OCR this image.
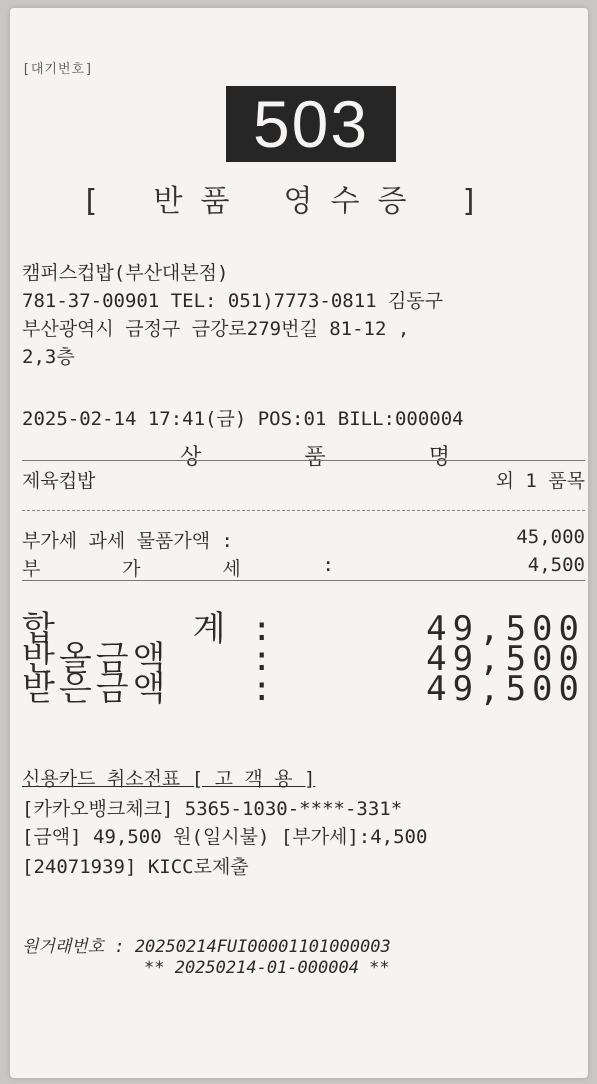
[대기번호]
503
[ 반품 영수증 ]
캠퍼스컵밥(부산대본점)
781-37-00901 TEL: 051)7773-0811 김동구
부산광역시 금정구 금강로279번길 81-12 ,
2,3층
2025-02-14 17:41(금) POS:01 BILL:000004
상	품	명
제육컵밥	외 1 품목
부가세 과세 물품가액 :	45,000
부	가	세	:	4,500
합	계 :	49,500
반올금액 :	49,500
받은금액 :	49,500
신용카드 취소전표 [ 고 객 용 ]
[카카오뱅크체크] 5365-1030-****-331*
[금액] 49,500 원(일시불) [부가세]:4,500
[24071939] KICC로제출
원거래번호 : 20250214FUI00001101000003
** 20250214-01-000004 **
